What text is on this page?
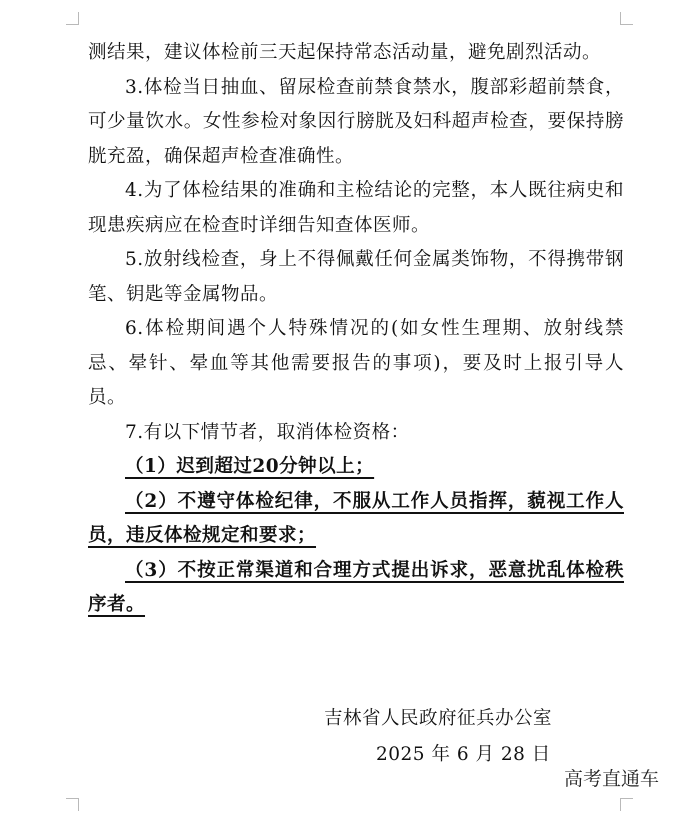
测结果，建议体检前三天起保持常态活动量，避免剧烈活动。

3.体检当日抽血、留尿检查前禁食禁水，腹部彩超前禁食，可少量饮水。女性参检对象因行膀胱及妇科超声检查，要保持膀胱充盈，确保超声检查准确性。

4.为了体检结果的准确和主检结论的完整，本人既往病史和现患疾病应在检查时详细告知查体医师。

5.放射线检查，身上不得佩戴任何金属类饰物，不得携带钢笔、钥匙等金属物品。

6.体检期间遇个人特殊情况的(如女性生理期、放射线禁忌、晕针、晕血等其他需要报告的事项)，要及时上报引导人员。

7.有以下情节者，取消体检资格：

（1）迟到超过20分钟以上；

（2）不遵守体检纪律，不服从工作人员指挥，藐视工作人员，违反体检规定和要求；

（3）不按正常渠道和合理方式提出诉求，恶意扰乱体检秩序者。

吉林省人民政府征兵办公室
2025 年 6 月 28 日
高考直通车
